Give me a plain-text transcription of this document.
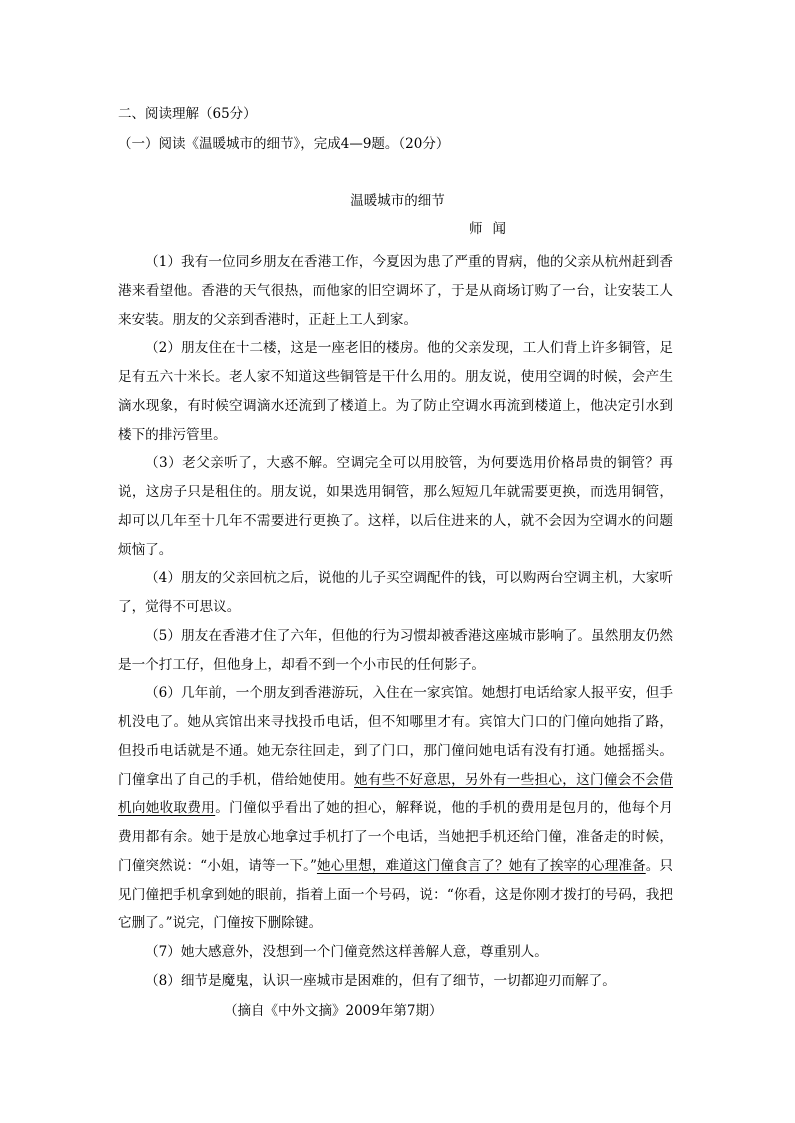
二、阅读理解（65分）
（一）阅读《温暖城市的细节》，完成4—9题。（20分）
温暖城市的细节
师闻

（1）我有一位同乡朋友在香港工作，今夏因为患了严重的胃病，他的父亲从杭州赶到香港来看望他。香港的天气很热，而他家的旧空调坏了，于是从商场订购了一台，让安装工人来安装。朋友的父亲到香港时，正赶上工人到家。

（2）朋友住在十二楼，这是一座老旧的楼房。他的父亲发现，工人们背上许多铜管，足足有五六十米长。老人家不知道这些铜管是干什么用的。朋友说，使用空调的时候，会产生滴水现象，有时候空调滴水还流到了楼道上。为了防止空调水再流到楼道上，他决定引水到楼下的排污管里。

（3）老父亲听了，大惑不解。空调完全可以用胶管，为何要选用价格昂贵的铜管？再说，这房子只是租住的。朋友说，如果选用铜管，那么短短几年就需要更换，而选用铜管，却可以几年至十几年不需要进行更换了。这样，以后住进来的人，就不会因为空调水的问题烦恼了。

（4）朋友的父亲回杭之后，说他的儿子买空调配件的钱，可以购两台空调主机，大家听了，觉得不可思议。

（5）朋友在香港才住了六年，但他的行为习惯却被香港这座城市影响了。虽然朋友仍然是一个打工仔，但他身上，却看不到一个小市民的任何影子。

（6）几年前，一个朋友到香港游玩，入住在一家宾馆。她想打电话给家人报平安，但手机没电了。她从宾馆出来寻找投币电话，但不知哪里才有。宾馆大门口的门僮向她指了路，但投币电话就是不通。她无奈往回走，到了门口，那门僮问她电话有没有打通。她摇摇头。门僮拿出了自己的手机，借给她使用。她有些不好意思，另外有一些担心，这门僮会不会借机向她收取费用。门僮似乎看出了她的担心，解释说，他的手机的费用是包月的，他每个月费用都有余。她于是放心地拿过手机打了一个电话，当她把手机还给门僮，准备走的时候，门僮突然说：“小姐，请等一下。”她心里想，难道这门僮食言了？她有了挨宰的心理准备。只见门僮把手机拿到她的眼前，指着上面一个号码，说：“你看，这是你刚才拨打的号码，我把它删了。”说完，门僮按下删除键。

（7）她大感意外，没想到一个门僮竟然这样善解人意，尊重别人。

（8）细节是魔鬼，认识一座城市是困难的，但有了细节，一切都迎刃而解了。

（摘自《中外文摘》2009年第7期）
